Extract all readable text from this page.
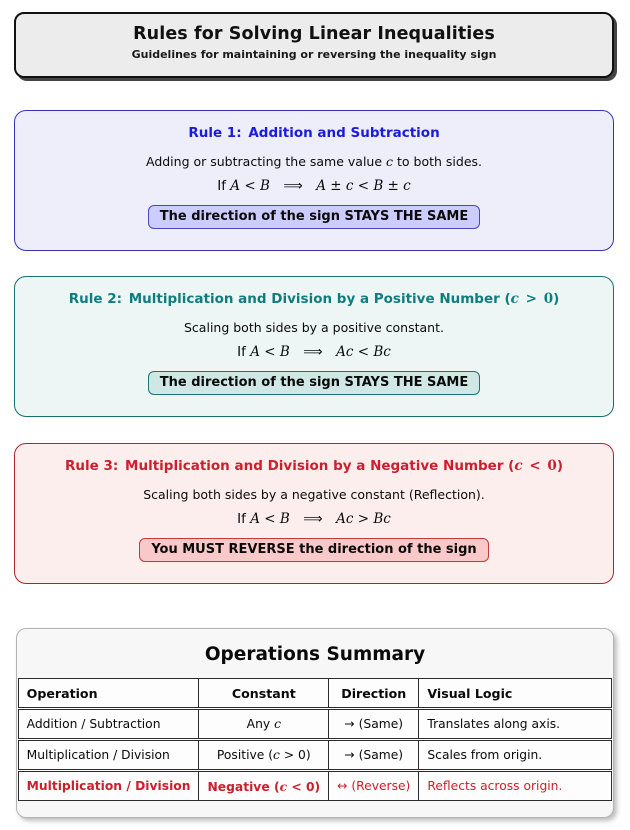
Rules for Solving Linear Inequalities
Guidelines for maintaining or reversing the inequality sign
Rule 1: Addition and Subtraction
Adding or subtracting the same value c to both sides.
If A < B ⟹ A ± c < B ± c
The direction of the sign STAYS THE SAME
Rule 2: Multiplication and Division by a Positive Number (c > 0)
Scaling both sides by a positive constant.
If A < B ⟹ Ac < Bc
The direction of the sign STAYS THE SAME
Rule 3: Multiplication and Division by a Negative Number (c < 0)
Scaling both sides by a negative constant (Reflection).
If A < B ⟹ Ac > Bc
You MUST REVERSE the direction of the sign
Operations Summary
Operation	Constant	Direction	Visual Logic
Addition / Subtraction	Any c	→ (Same)	Translates along axis.
Multiplication / Division	Positive (c > 0)	→ (Same)	Scales from origin.
Multiplication / Division	Negative (c < 0)	↔ (Reverse)	Reflects across origin.
